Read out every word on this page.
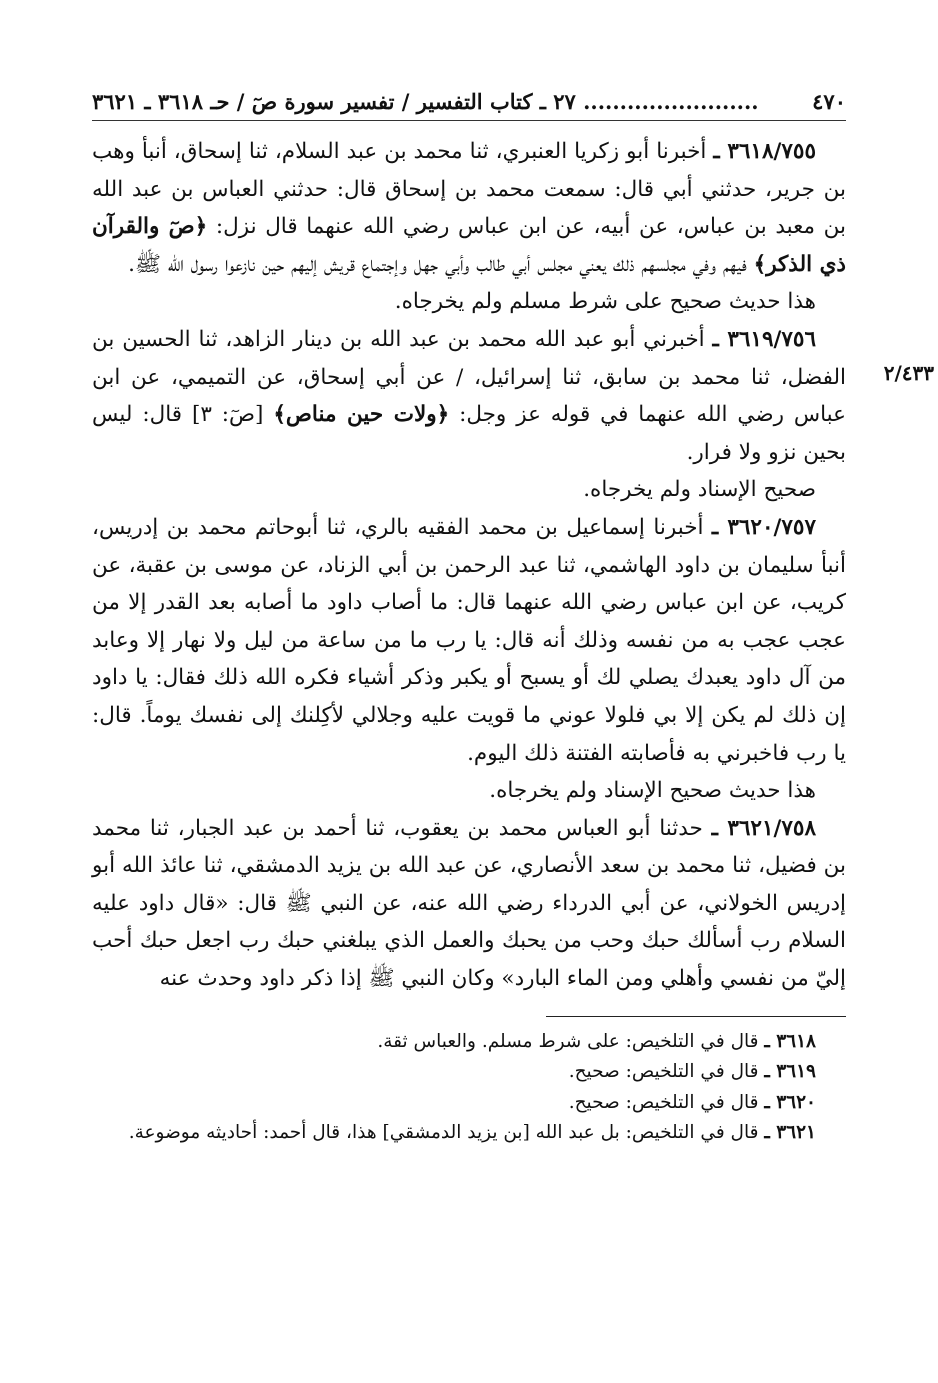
٤٧٠
........................ ٢٧ ـ كتاب التفسير / تفسير سورة صٓ / حـ ٣٦١٨ ـ ٣٦٢١

٣٦١٨/٧٥٥ ـ أخبرنا أبو زكريا العنبري، ثنا محمد بن عبد السلام، ثنا إسحاق، أنبأ وهب بن جرير، حدثني أبي قال: سمعت محمد بن إسحاق قال: حدثني العباس بن عبد الله بن معبد بن عباس، عن أبيه، عن ابن عباس رضي الله عنهما قال نزل: ﴿صٓ والقرآن ذي الذكر﴾ فيهم وفي مجلسهم ذلك يعني مجلس أبي طالب وأبي جهل وإجتماع قريش إليهم حين نازعوا رسول الله ﷺ.

هذا حديث صحيح على شرط مسلم ولم يخرجاه.

٢/٤٣٣

٣٦١٩/٧٥٦ ـ أخبرني أبو عبد الله محمد بن عبد الله بن دينار الزاهد، ثنا الحسين بن الفضل، ثنا محمد بن سابق، ثنا إسرائيل، / عن أبي إسحاق، عن التميمي، عن ابن عباس رضي الله عنهما في قوله عز وجل: ﴿ولات حين مناص﴾ [صٓ: ٣] قال: ليس بحين نزو ولا فرار.

صحيح الإسناد ولم يخرجاه.

٣٦٢٠/٧٥٧ ـ أخبرنا إسماعيل بن محمد الفقيه بالري، ثنا أبوحاتم محمد بن إدريس، أنبأ سليمان بن داود الهاشمي، ثنا عبد الرحمن بن أبي الزناد، عن موسى بن عقبة، عن كريب، عن ابن عباس رضي الله عنهما قال: ما أصاب داود ما أصابه بعد القدر إلا من عجب عجب به من نفسه وذلك أنه قال: يا رب ما من ساعة من ليل ولا نهار إلا وعابد من آل داود يعبدك يصلي لك أو يسبح أو يكبر وذكر أشياء فكره الله ذلك فقال: يا داود إن ذلك لم يكن إلا بي فلولا عوني ما قويت عليه وجلالي لأكِلنك إلى نفسك يوماً. قال: يا رب فاخبرني به فأصابته الفتنة ذلك اليوم.

هذا حديث صحيح الإسناد ولم يخرجاه.

٣٦٢١/٧٥٨ ـ حدثنا أبو العباس محمد بن يعقوب، ثنا أحمد بن عبد الجبار، ثنا محمد بن فضيل، ثنا محمد بن سعد الأنصاري، عن عبد الله بن يزيد الدمشقي، ثنا عائذ الله أبو إدريس الخولاني، عن أبي الدرداء رضي الله عنه، عن النبي ﷺ قال: «قال داود عليه السلام رب أسألك حبك وحب من يحبك والعمل الذي يبلغني حبك رب اجعل حبك أحب إليّ من نفسي وأهلي ومن الماء البارد» وكان النبي ﷺ إذا ذكر داود وحدث عنه

٣٦١٨ ـ قال في التلخيص: على شرط مسلم. والعباس ثقة.

٣٦١٩ ـ قال في التلخيص: صحيح.

٣٦٢٠ ـ قال في التلخيص: صحيح.

٣٦٢١ ـ قال في التلخيص: بل عبد الله [بن يزيد الدمشقي] هذا، قال أحمد: أحاديثه موضوعة.
